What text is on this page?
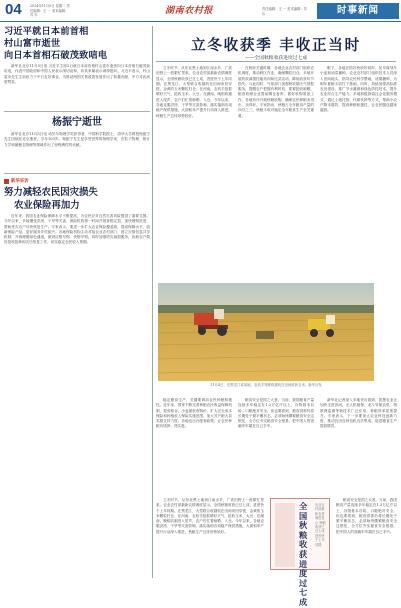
04	2024年11月5日 星期二 责任编辑：王 一 美术编辑：苏 尔	湖南农村报	责任编辑：王 一 美术编辑：苏 尔	时事新闻
习近平就日本前首相
村山富市逝世
向日本首相石破茂致唁电
新华社北京11月5日电 习近平主席5日就日本前首相村山富市逝世向日本首相石破茂致唁电，代表中国政府和中国人民表示深切哀悼，向其家属表示诚挚慰问。习近平表示，村山富市先生生前致力于中日友好事业，为推动两国关系改善发展作出了积极贡献，中方对此高度赞赏。
杨振宁逝世
新华社北京11月5日电 诺贝尔物理学奖获得者、中国科学院院士、清华大学教授杨振宁先生因病在北京逝世，享年103岁。杨振宁先生是享誉世界的物理学家，在粒子物理、统计力学和凝聚态物理等领域作出了里程碑性的贡献。
新华采访
努力减轻农民因灾损失
农业保险再加力
近年来，我国农业保险保障水平不断提高，为农民应对自然灾害风险提供了重要支撑。今年以来，多地遭受洪涝、干旱等灾害，保险机构第一时间开展查勘定损，加快理赔进度，帮助受灾农户尽快恢复生产。专家表示，要进一步扩大农业保险覆盖面，提高保障水平，创新保险产品，更好服务乡村振兴。各地保险机构主动对接农业农村部门，建立灾情信息共享机制，开辟理赔绿色通道，做到应赔尽赔、快赔早赔。同时加强防灾减损服务，协助农户做好抢收抢种和灾后恢复工作，切实稳定农民收入预期。
立冬收获季 丰收正当时
——全国秋粮收获进度过七成

立冬时节，从东北黑土地到江南水乡，广袤田野上一派繁忙景象。农业农村部最新农情调度显示，全国秋粮收获已过七成，进度快于上年同期。在黑龙江，大型联合收割机在田间来回穿梭，金黄的玉米颗粒归仓；在河南，农机手抢抓晴好天气，抢收玉米、大豆；在湖南，晚稻收割进入尾声，农户们忙着晾晒、入仓。今年以来，各地克服洪涝、干旱等灾害影响，落实落细各项稳产保供措施，大面积单产提升行动深入推进，秋粮生产总体形势较好。

在秋收关键时期，各地农业农村部门组织农机调度，推动跨区作业，确保颗粒归仓。多地开展机收减损技能培训和比武活动，降低收获环节损失。与此同时，气象部门加强秋收期天气预报服务，提醒农户把握有利时机，抓紧抢收晾晒。粮食收储企业提前腾仓备库，做好收购准备工作，各地有序开展秋粮收购，确保农民种粮卖得出、卖得好。专家指出，秋粮占全年粮食产量的四分之三，秋粮丰收对稳定全年粮食生产至关重要。

眼下，各地在抓好秋收的同时，及早谋划冬小麦和油菜播种。农业农村部门组织技术人员深入田间地头，指导农民科学整地、适期播种，为明年夏粮丰收打下基础。同时，持续加强高标准农田建设，推广节水灌溉和绿色防控技术，提升农业综合生产能力。多地积极探索社会化服务模式，通过土地托管、代耕代种等方式，帮助小农户降本增效，提高种粮积极性，让农民腰包越来越鼓。

11月4日，在黑龙江省某地，农机手驾驶收割机在田间收获玉米。新华社发

稳定粮食生产，关键要调动农民种粮积极性。近年来，国家不断完善种粮农民收益保障机制，提高稻谷、小麦最低收购价，扩大完全成本保险和种植收入保险实施范围，加大对产粮大县奖励支持力度。各地也出台配套政策，让农民种粮有钱挣、得实惠。

粮食安全是国之大者。当前，我国粮食产量连续多年稳定在1.3万亿斤以上，谷物基本自给、口粮绝对安全。但也要看到，粮食供需仍将长期处于紧平衡状态，必须始终绷紧粮食安全这根弦，全方位夯实粮食安全根基，把中国人的饭碗牢牢端在自己手中。

新华社记者深入多地采访看到，智慧农业正加快走进田间，无人机植保、北斗导航农机、物联网监测等新技术广泛应用，种粮效率显著提升。专家表示，下一步要加大农业科技创新力度，推动良田良种良机良法集成，促进粮食生产提质增效。

立冬时节，从东北黑土地到江南水乡，广袤田野上一派繁忙景象。农业农村部最新农情调度显示，全国秋粮收获已过七成，进度快于上年同期。在黑龙江，大型联合收割机在田间来回穿梭，金黄的玉米颗粒归仓；在河南，农机手抢抓晴好天气，抢收玉米、大豆；在湖南，晚稻收割进入尾声，农户们忙着晾晒、入仓。今年以来，各地克服洪涝、干旱等灾害影响，落实落细各项稳产保供措施，大面积单产提升行动深入推进，秋粮生产总体形势较好。

全国秋粮收获进度过七成
农业农村部最新农情调度显示 秋粮收获已过七成 进度快于上年同期

粮食安全是国之大者。当前，我国粮食产量连续多年稳定在1.3万亿斤以上，谷物基本自给、口粮绝对安全。但也要看到，粮食供需仍将长期处于紧平衡状态，必须始终绷紧粮食安全这根弦，全方位夯实粮食安全根基，把中国人的饭碗牢牢端在自己手中。
